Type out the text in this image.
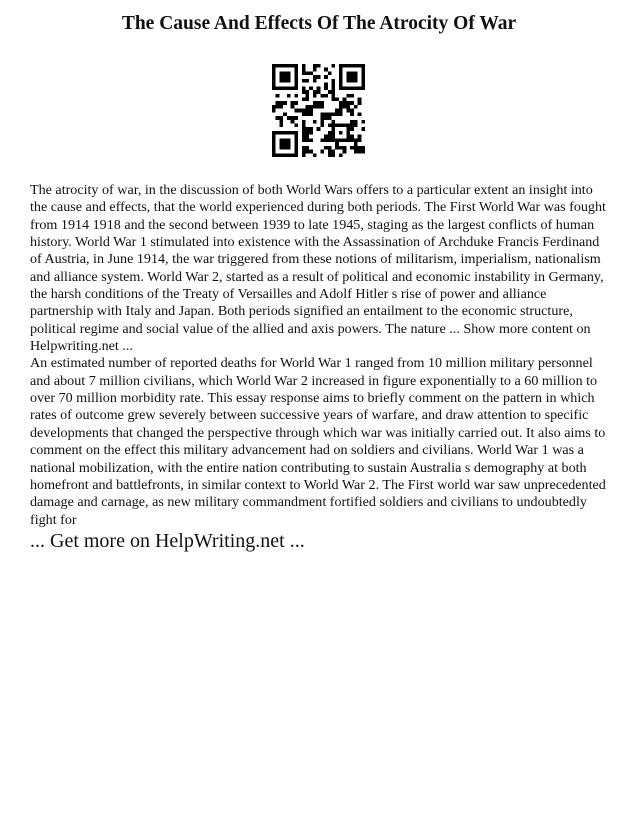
The Cause And Effects Of The Atrocity Of War

The atrocity of war, in the discussion of both World Wars offers to a particular extent an insight into the cause and effects, that the world experienced during both periods. The First World War was fought from 1914 1918 and the second between 1939 to late 1945, staging as the largest conflicts of human history. World War 1 stimulated into existence with the Assassination of Archduke Francis Ferdinand of Austria, in June 1914, the war triggered from these notions of militarism, imperialism, nationalism and alliance system. World War 2, started as a result of political and economic instability in Germany, the harsh conditions of the Treaty of Versailles and Adolf Hitler s rise of power and alliance partnership with Italy and Japan. Both periods signified an entailment to the economic structure, political regime and social value of the allied and axis powers. The nature ... Show more content on Helpwriting.net ...

An estimated number of reported deaths for World War 1 ranged from 10 million military personnel and about 7 million civilians, which World War 2 increased in figure exponentially to a 60 million to over 70 million morbidity rate. This essay response aims to briefly comment on the pattern in which rates of outcome grew severely between successive years of warfare, and draw attention to specific developments that changed the perspective through which war was initially carried out. It also aims to comment on the effect this military advancement had on soldiers and civilians. World War 1 was a national mobilization, with the entire nation contributing to sustain Australia s demography at both homefront and battlefronts, in similar context to World War 2. The First world war saw unprecedented damage and carnage, as new military commandment fortified soldiers and civilians to undoubtedly fight for

... Get more on HelpWriting.net ...
